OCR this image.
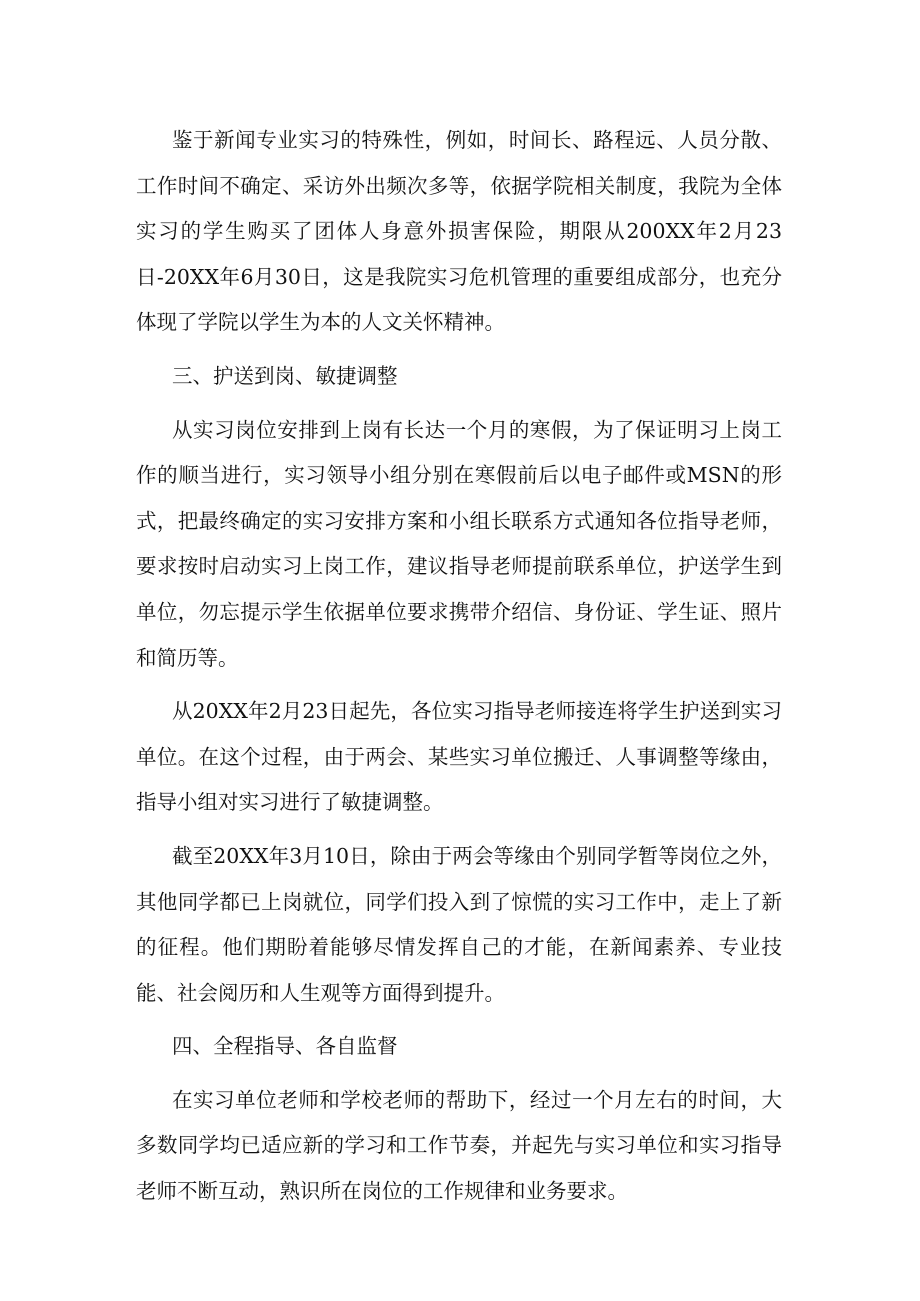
鉴于新闻专业实习的特殊性，例如，时间长、路程远、人员分散、工作时间不确定、采访外出频次多等，依据学院相关制度，我院为全体实习的学生购买了团体人身意外损害保险，期限从200XX年2月23日-20XX年6月30日，这是我院实习危机管理的重要组成部分，也充分体现了学院以学生为本的人文关怀精神。

三、护送到岗、敏捷调整

从实习岗位安排到上岗有长达一个月的寒假，为了保证明习上岗工作的顺当进行，实习领导小组分别在寒假前后以电子邮件或MSN的形式，把最终确定的实习安排方案和小组长联系方式通知各位指导老师，要求按时启动实习上岗工作，建议指导老师提前联系单位，护送学生到单位，勿忘提示学生依据单位要求携带介绍信、身份证、学生证、照片和简历等。

从20XX年2月23日起先，各位实习指导老师接连将学生护送到实习单位。在这个过程，由于两会、某些实习单位搬迁、人事调整等缘由，指导小组对实习进行了敏捷调整。

截至20XX年3月10日，除由于两会等缘由个别同学暂等岗位之外，其他同学都已上岗就位，同学们投入到了惊慌的实习工作中，走上了新的征程。他们期盼着能够尽情发挥自己的才能，在新闻素养、专业技能、社会阅历和人生观等方面得到提升。

四、全程指导、各自监督

在实习单位老师和学校老师的帮助下，经过一个月左右的时间，大多数同学均已适应新的学习和工作节奏，并起先与实习单位和实习指导老师不断互动，熟识所在岗位的工作规律和业务要求。
